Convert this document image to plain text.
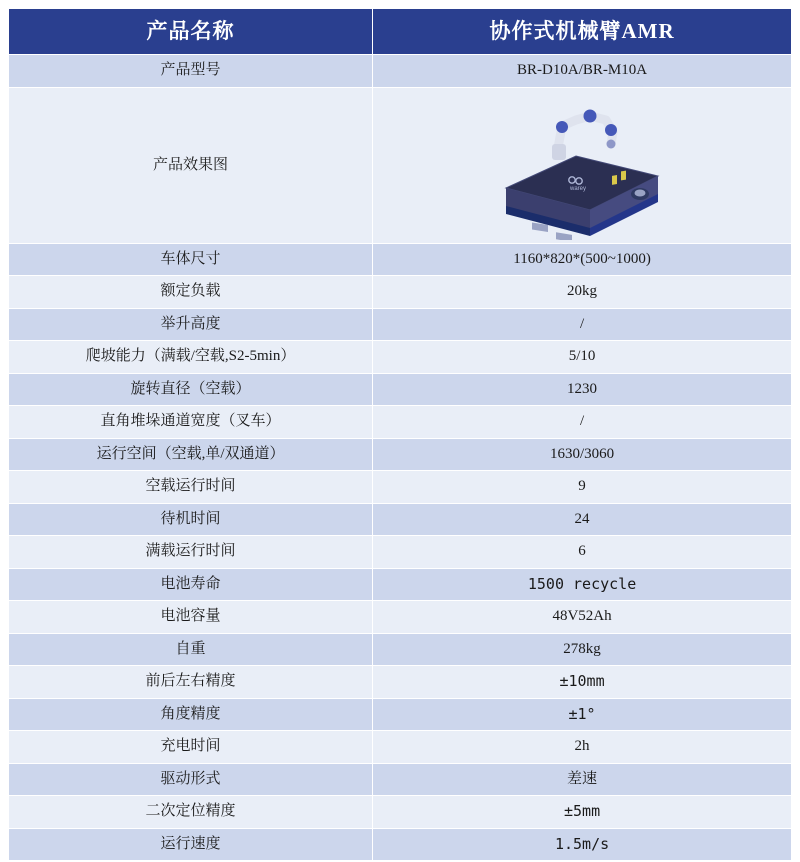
产品名称	协作式机械臂AMR
产品型号	BR-D10A/BR-M10A
产品效果图	warey

车体尺寸	1160*820*(500~1000)
额定负载	20kg
举升高度	/
爬坡能力（满载/空载,S2-5min）	5/10
旋转直径（空载）	1230
直角堆垛通道宽度（叉车）	/
运行空间（空载,单/双通道）	1630/3060
空载运行时间	9
待机时间	24
满载运行时间	6
电池寿命	1500 recycle
电池容量	48V52Ah
自重	278kg
前后左右精度	±10mm
角度精度	±1°
充电时间	2h
驱动形式	差速
二次定位精度	±5mm
运行速度	1.5m/s
